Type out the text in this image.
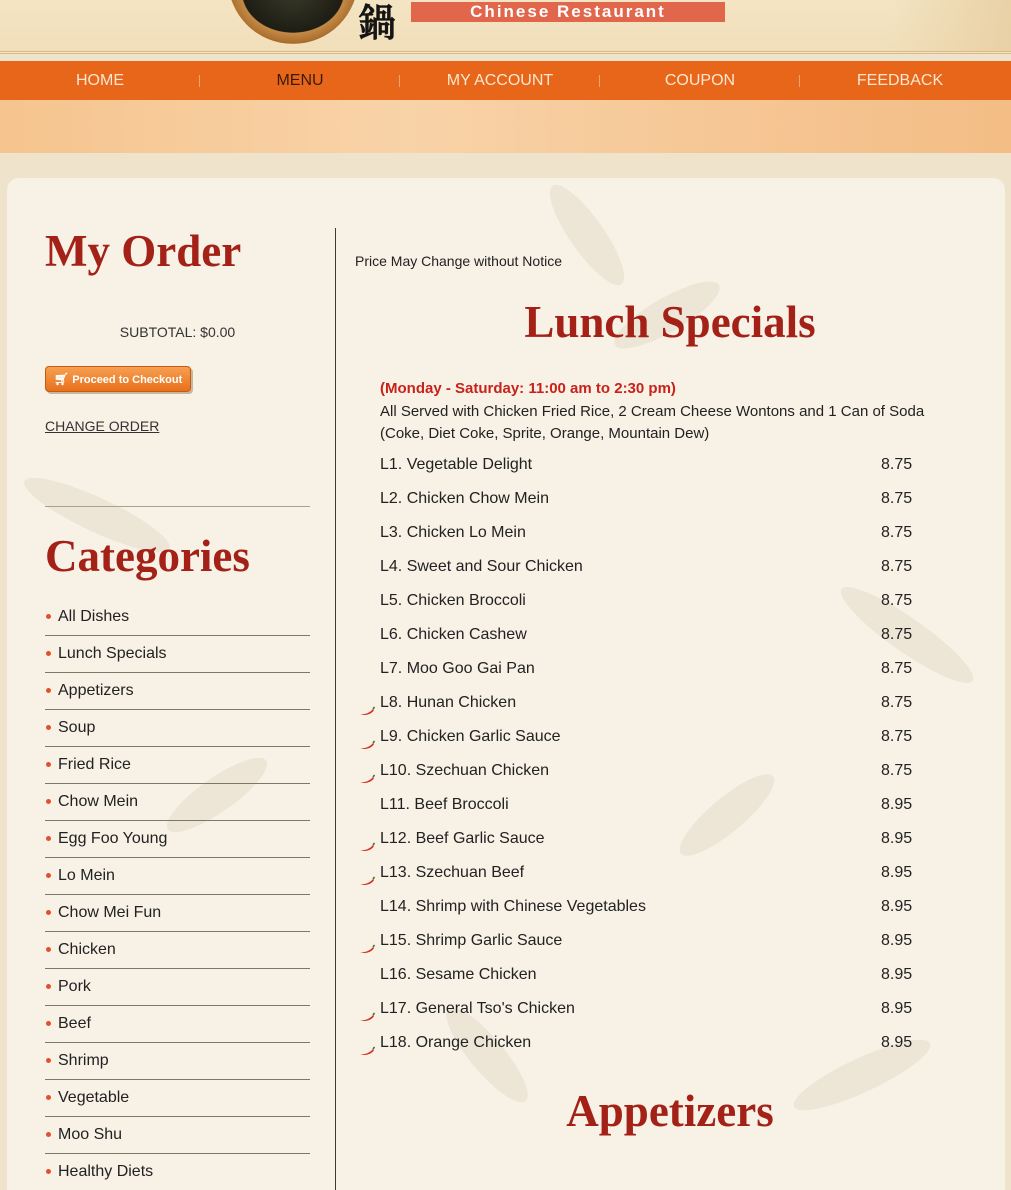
鍋	Chinese Restaurant
HOME	MENU	MY ACCOUNT	COUPON	FEEDBACK
My Order
SUBTOTAL: $0.00
🛒︎ Proceed to Checkout
CHANGE ORDER
Categories
All Dishes
Lunch Specials
Appetizers
Soup
Fried Rice
Chow Mein
Egg Foo Young
Lo Mein
Chow Mei Fun
Chicken
Pork
Beef
Shrimp
Vegetable
Moo Shu
Healthy Diets
Price May Change without Notice
Lunch Specials
(Monday - Saturday: 11:00 am to 2:30 pm)
All Served with Chicken Fried Rice, 2 Cream Cheese Wontons and 1 Can of Soda (Coke, Diet Coke, Sprite, Orange, Mountain Dew)
L1. Vegetable Delight	8.75
L2. Chicken Chow Mein	8.75
L3. Chicken Lo Mein	8.75
L4. Sweet and Sour Chicken	8.75
L5. Chicken Broccoli	8.75
L6. Chicken Cashew	8.75
L7. Moo Goo Gai Pan	8.75
L8. Hunan Chicken	8.75
L9. Chicken Garlic Sauce	8.75
L10. Szechuan Chicken	8.75
L11. Beef Broccoli	8.95
L12. Beef Garlic Sauce	8.95
L13. Szechuan Beef	8.95
L14. Shrimp with Chinese Vegetables	8.95
L15. Shrimp Garlic Sauce	8.95
L16. Sesame Chicken	8.95
L17. General Tso's Chicken	8.95
L18. Orange Chicken	8.95
Appetizers
